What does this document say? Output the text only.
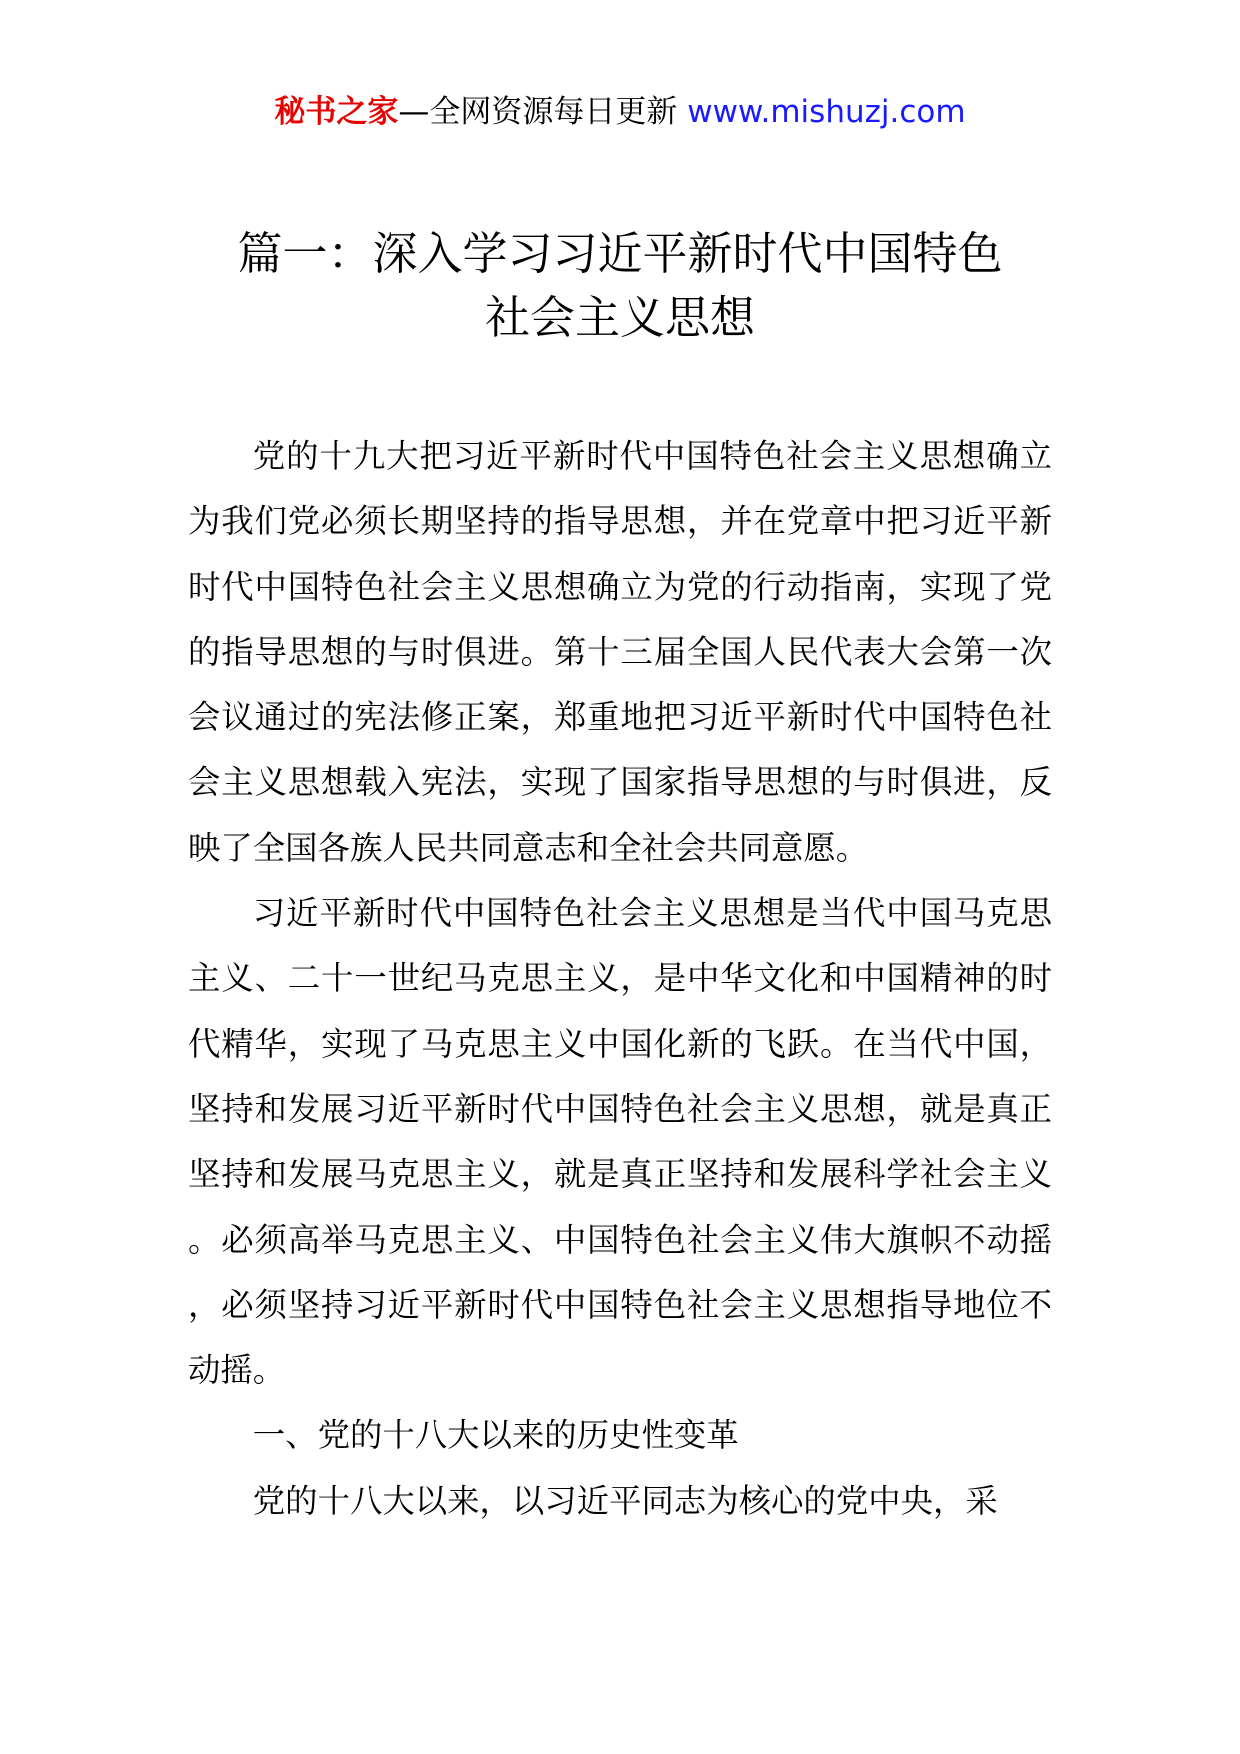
秘书之家—全网资源每日更新 www.mishuzj.com
篇一：深入学习习近平新时代中国特色
社会主义思想

党的十九大把习近平新时代中国特色社会主义思想确立为我们党必须长期坚持的指导思想，并在党章中把习近平新时代中国特色社会主义思想确立为党的行动指南，实现了党的指导思想的与时俱进。第十三届全国人民代表大会第一次会议通过的宪法修正案，郑重地把习近平新时代中国特色社会主义思想载入宪法，实现了国家指导思想的与时俱进，反映了全国各族人民共同意志和全社会共同意愿。

习近平新时代中国特色社会主义思想是当代中国马克思主义、二十一世纪马克思主义，是中华文化和中国精神的时代精华，实现了马克思主义中国化新的飞跃。在当代中国，坚持和发展习近平新时代中国特色社会主义思想，就是真正坚持和发展马克思主义，就是真正坚持和发展科学社会主义。必须高举马克思主义、中国特色社会主义伟大旗帜不动摇，必须坚持习近平新时代中国特色社会主义思想指导地位不动摇。

一、党的十八大以来的历史性变革

党的十八大以来，以习近平同志为核心的党中央，采
